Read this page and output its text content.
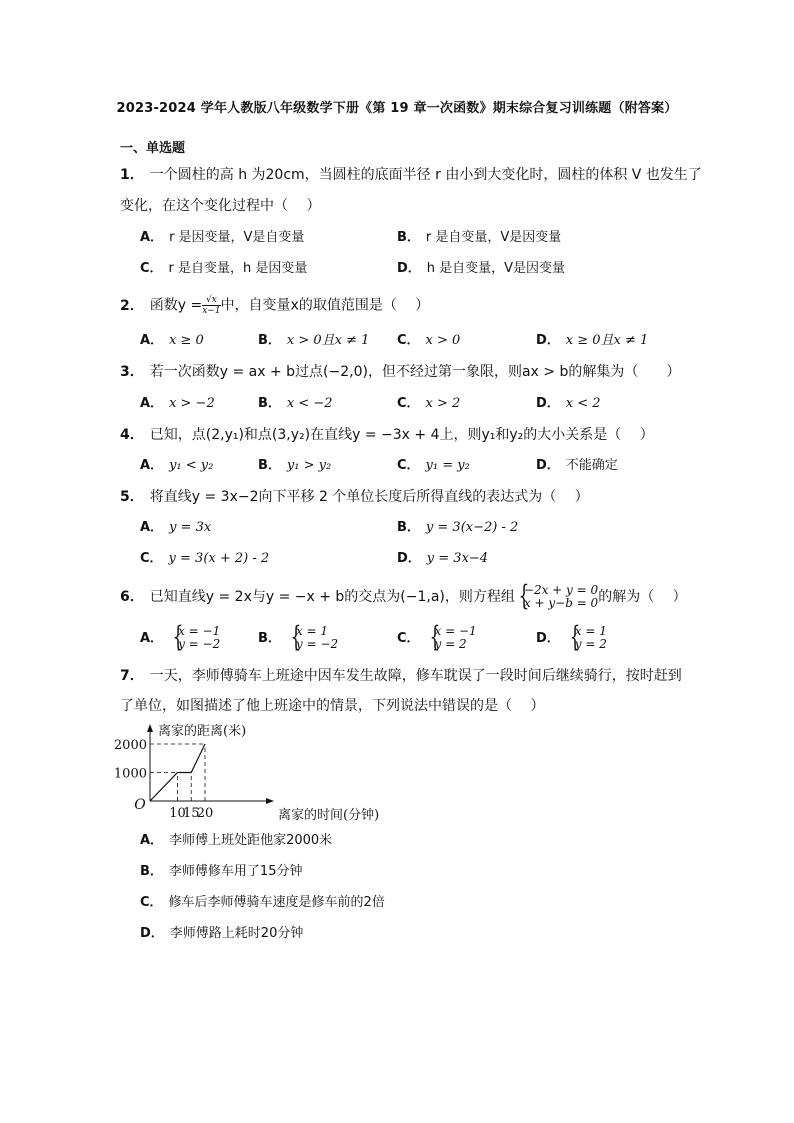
2023-2024 学年人教版八年级数学下册《第 19 章一次函数》期末综合复习训练题（附答案）
一、单选题
1． 一个圆柱的高 h 为20cm，当圆柱的底面半径 r 由小到大变化时，圆柱的体积 V 也发生了
变化，在这个变化过程中（　 ）
A． r 是因变量，V是自变量	B． r 是自变量，V是因变量
C． r 是自变量，h 是因变量	D． h 是自变量，V是因变量
2． 函数$y = \frac{√x}{x-1}$ 中，自变量x的取值范围是（　 ）
A． x ≥ 0	B． x > 0且x ≠ 1 C． x > 0	D． x ≥ 0且x ≠ 1
3． 若一次函数y = ax + b过点(−2,0)，但不经过第一象限，则ax > b的解集为（　　）
A． x > −2	B． x < −2	C． x > 2	D． x < 2
4． 已知，点(2,y₁)和点(3,y₂)在直线y = −3x + 4上，则y₁和y₂的大小关系是（　 ）
A． y₁ < y₂	B． y₁ > y₂	C． y₁ = y₂	D． 不能确定
5． 将直线y = 3x−2向下平移 2 个单位长度后所得直线的表达式为（　 ）
A． y = 3x	B． y = 3(x−2) - 2
C． y = 3(x + 2) - 2	D． y = 3x−4
6． 已知直线y = 2x与y = −x + b的交点为(−1,a)，则方程组 {
−2x + y = 0
x + y−b = 0 的解为（　 ）
A． {
x = −1
y = −2	B． {
x = 1
y = −2	C． {
x = −1
y = 2	D． {
x = 1
y = 2
7． 一天，李师傅骑车上班途中因车发生故障，修车耽误了一段时间后继续骑行，按时赶到
了单位，如图描述了他上班途中的情景，下列说法中错误的是（　 ）
1000
2000
10
15
20
O
离家的距离(米)
离家的时间(分钟)
A． 李师傅上班处距他家2000米
B． 李师傅修车用了15分钟
C． 修车后李师傅骑车速度是修车前的2倍
D． 李师傅路上耗时20分钟
